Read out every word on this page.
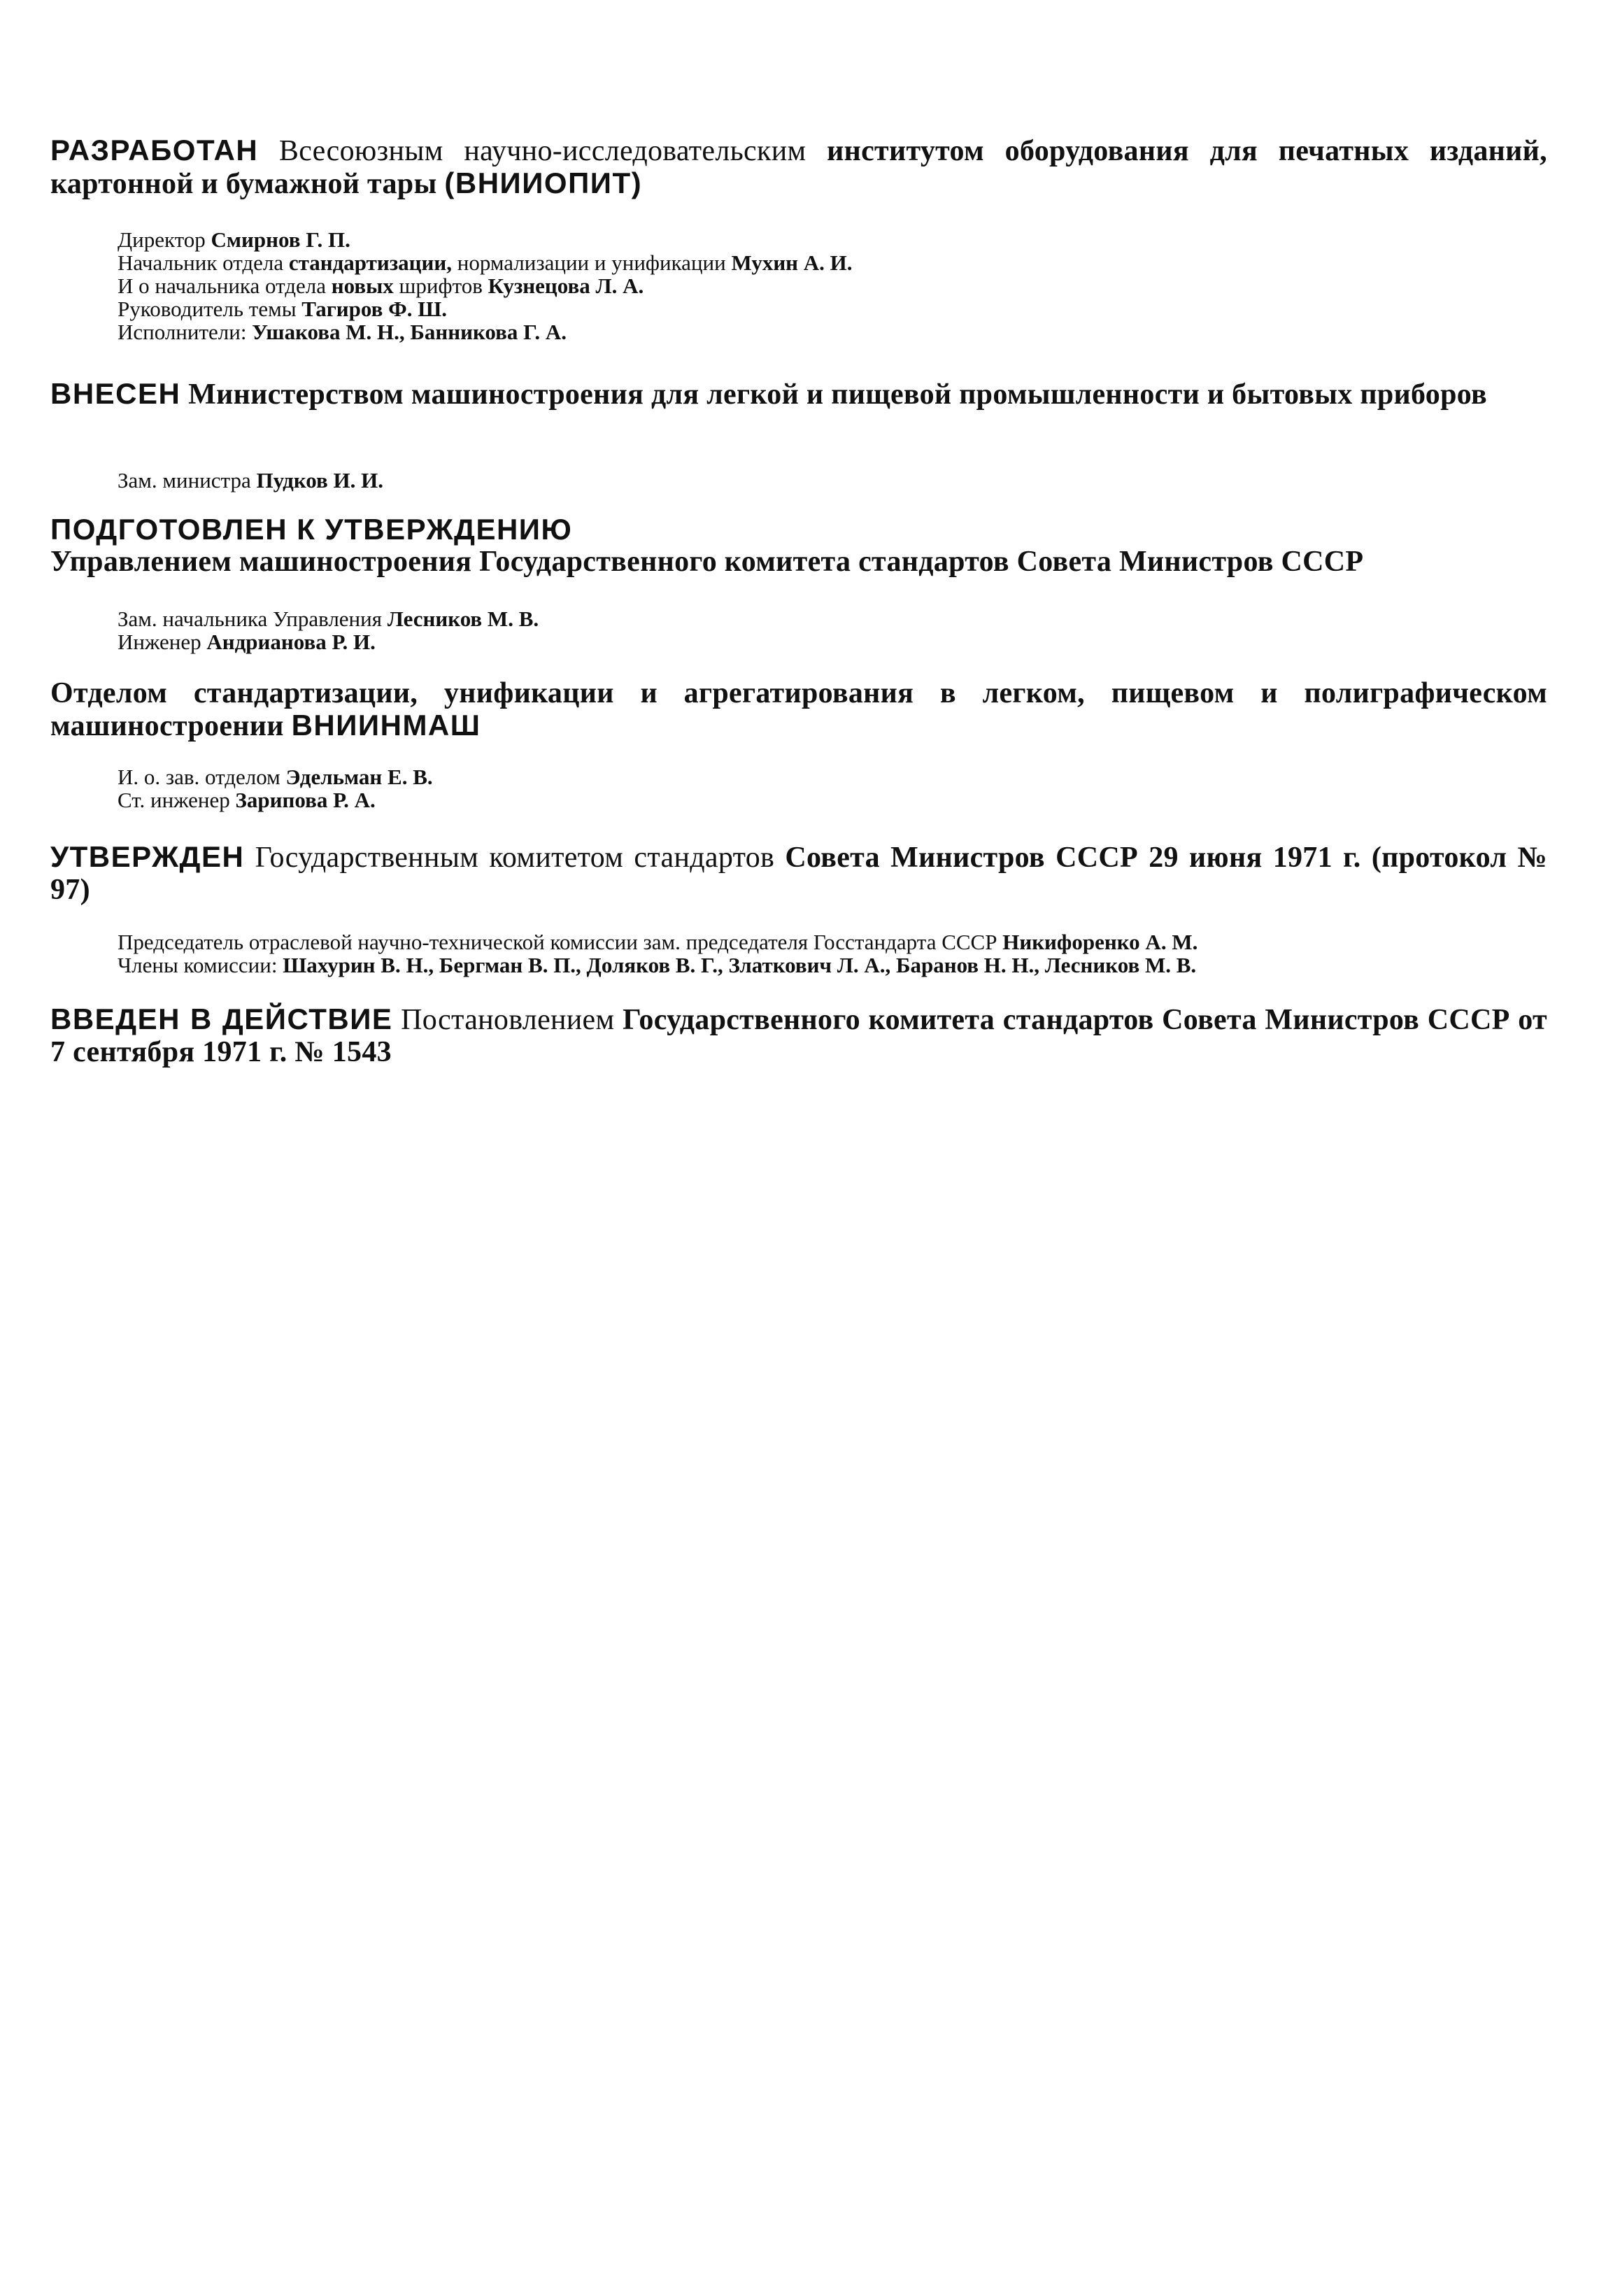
РАЗРАБОТАН Всесоюзным научно-исследовательским институтом оборудования для печатных изданий, картонной и бумажной тары (ВНИИОПИТ)
Директор Смирнов Г. П.
Начальник отдела стандартизации, нормализации и унификации Мухин А. И.
И о начальника отдела новых шрифтов Кузнецова Л. А.
Руководитель темы Тагиров Ф. Ш.
Исполнители: Ушакова М. Н., Банникова Г. А.
ВНЕСЕН Министерством машиностроения для легкой и пищевой промышленности и бытовых приборов
Зам. министра Пудков И. И.
ПОДГОТОВЛЕН К УТВЕРЖДЕНИЮ
Управлением машиностроения Государственного комитета стандартов Совета Министров СССР
Зам. начальника Управления Лесников М. В.
Инженер Андрианова Р. И.
Отделом стандартизации, унификации и агрегатирования в легком, пищевом и полиграфическом машиностроении ВНИИНМАШ
И. о. зав. отделом Эдельман Е. В.
Ст. инженер Зарипова Р. А.
УТВЕРЖДЕН Государственным комитетом стандартов Совета Министров СССР 29 июня 1971 г. (протокол № 97)
Председатель отраслевой научно-технической комиссии зам. председателя Госстандарта СССР Никифоренко А. М.
Члены комиссии: Шахурин В. Н., Бергман В. П., Доляков В. Г., Златкович Л. А., Баранов Н. Н., Лесников М. В.
ВВЕДЕН В ДЕЙСТВИЕ Постановлением Государственного комитета стандартов Совета Министров СССР от 7 сентября 1971 г. № 1543
